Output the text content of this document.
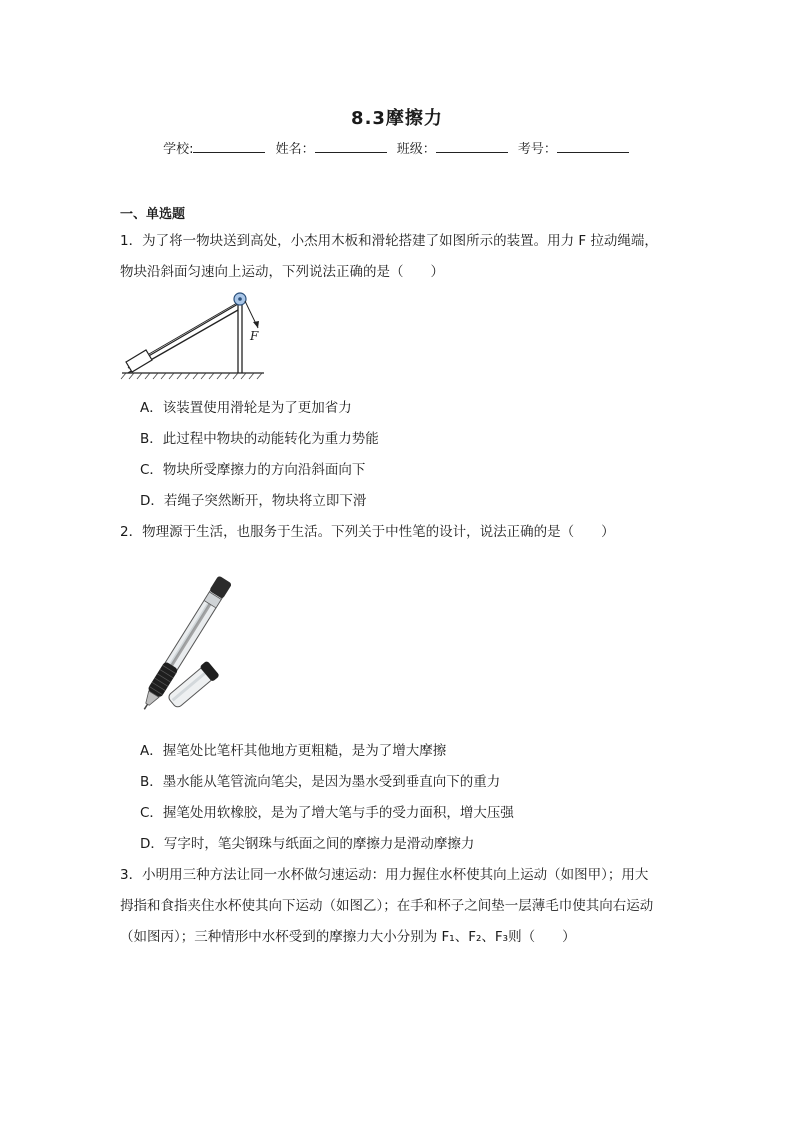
8.3摩擦力
学校:	姓名：	班级：	考号：
一、单选题
1．为了将一物块送到高处，小杰用木板和滑轮搭建了如图所示的装置。用力 F 拉动绳端，
物块沿斜面匀速向上运动，下列说法正确的是（　　）
F
A．该装置使用滑轮是为了更加省力
B．此过程中物块的动能转化为重力势能
C．物块所受摩擦力的方向沿斜面向下
D．若绳子突然断开，物块将立即下滑
2．物理源于生活，也服务于生活。下列关于中性笔的设计，说法正确的是（　　）
A．握笔处比笔杆其他地方更粗糙，是为了增大摩擦
B．墨水能从笔管流向笔尖，是因为墨水受到垂直向下的重力
C．握笔处用软橡胶，是为了增大笔与手的受力面积，增大压强
D．写字时，笔尖钢珠与纸面之间的摩擦力是滑动摩擦力
3．小明用三种方法让同一水杯做匀速运动：用力握住水杯使其向上运动（如图甲）；用大
拇指和食指夹住水杯使其向下运动（如图乙）；在手和杯子之间垫一层薄毛巾使其向右运动
（如图丙）；三种情形中水杯受到的摩擦力大小分别为 F₁、F₂、F₃则（　　）
